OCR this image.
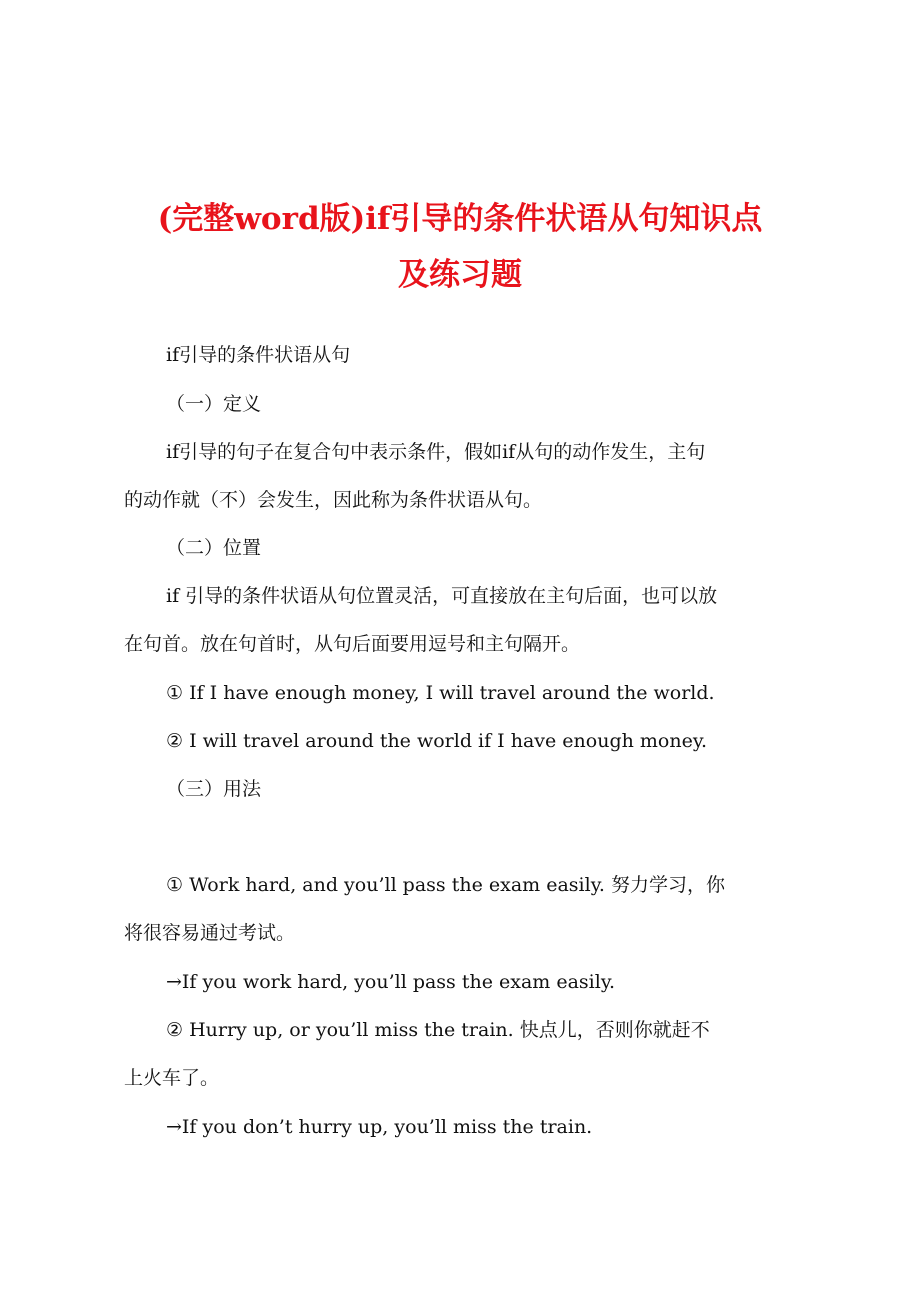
(完整word版)if引导的条件状语从句知识点
及练习题

if引导的条件状语从句

（一）定义

if引导的句子在复合句中表示条件，假如if从句的动作发生，主句

的动作就（不）会发生，因此称为条件状语从句。

（二）位置

if 引导的条件状语从句位置灵活，可直接放在主句后面，也可以放

在句首。放在句首时，从句后面要用逗号和主句隔开。

① If I have enough money, I will travel around the world.

② I will travel around the world if I have enough money.

（三）用法

① Work hard, and you’ll pass the exam easily. 努力学习，你

将很容易通过考试。

→If you work hard, you’ll pass the exam easily.

② Hurry up, or you’ll miss the train. 快点儿，否则你就赶不

上火车了。

→If you don’t hurry up, you’ll miss the train.
